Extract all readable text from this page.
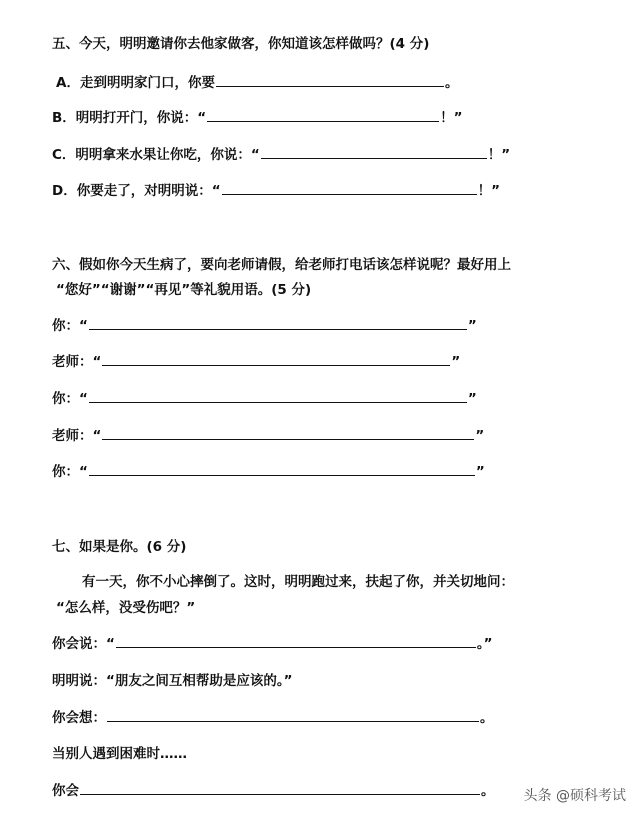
五、今天，明明邀请你去他家做客，你知道该怎样做吗？(4 分)
A．走到明明家门口，你要	。
B．明明打开门，你说：“	！”
C．明明拿来水果让你吃，你说：“	！”
D．你要走了，对明明说：“	！”
六、假如你今天生病了，要向老师请假，给老师打电话该怎样说呢？最好用上
“您好”“谢谢”“再见”等礼貌用语。(5 分)
你：“	”
老师：“	”
你：“	”
老师：“	”
你：“	”
七、如果是你。(6 分)
有一天，你不小心摔倒了。这时，明明跑过来，扶起了你，并关切地问：
“怎么样，没受伤吧？”
你会说：“	。”
明明说：“朋友之间互相帮助是应该的。”
你会想：	。
当别人遇到困难时……
你会	。 头条 @硕科考试
